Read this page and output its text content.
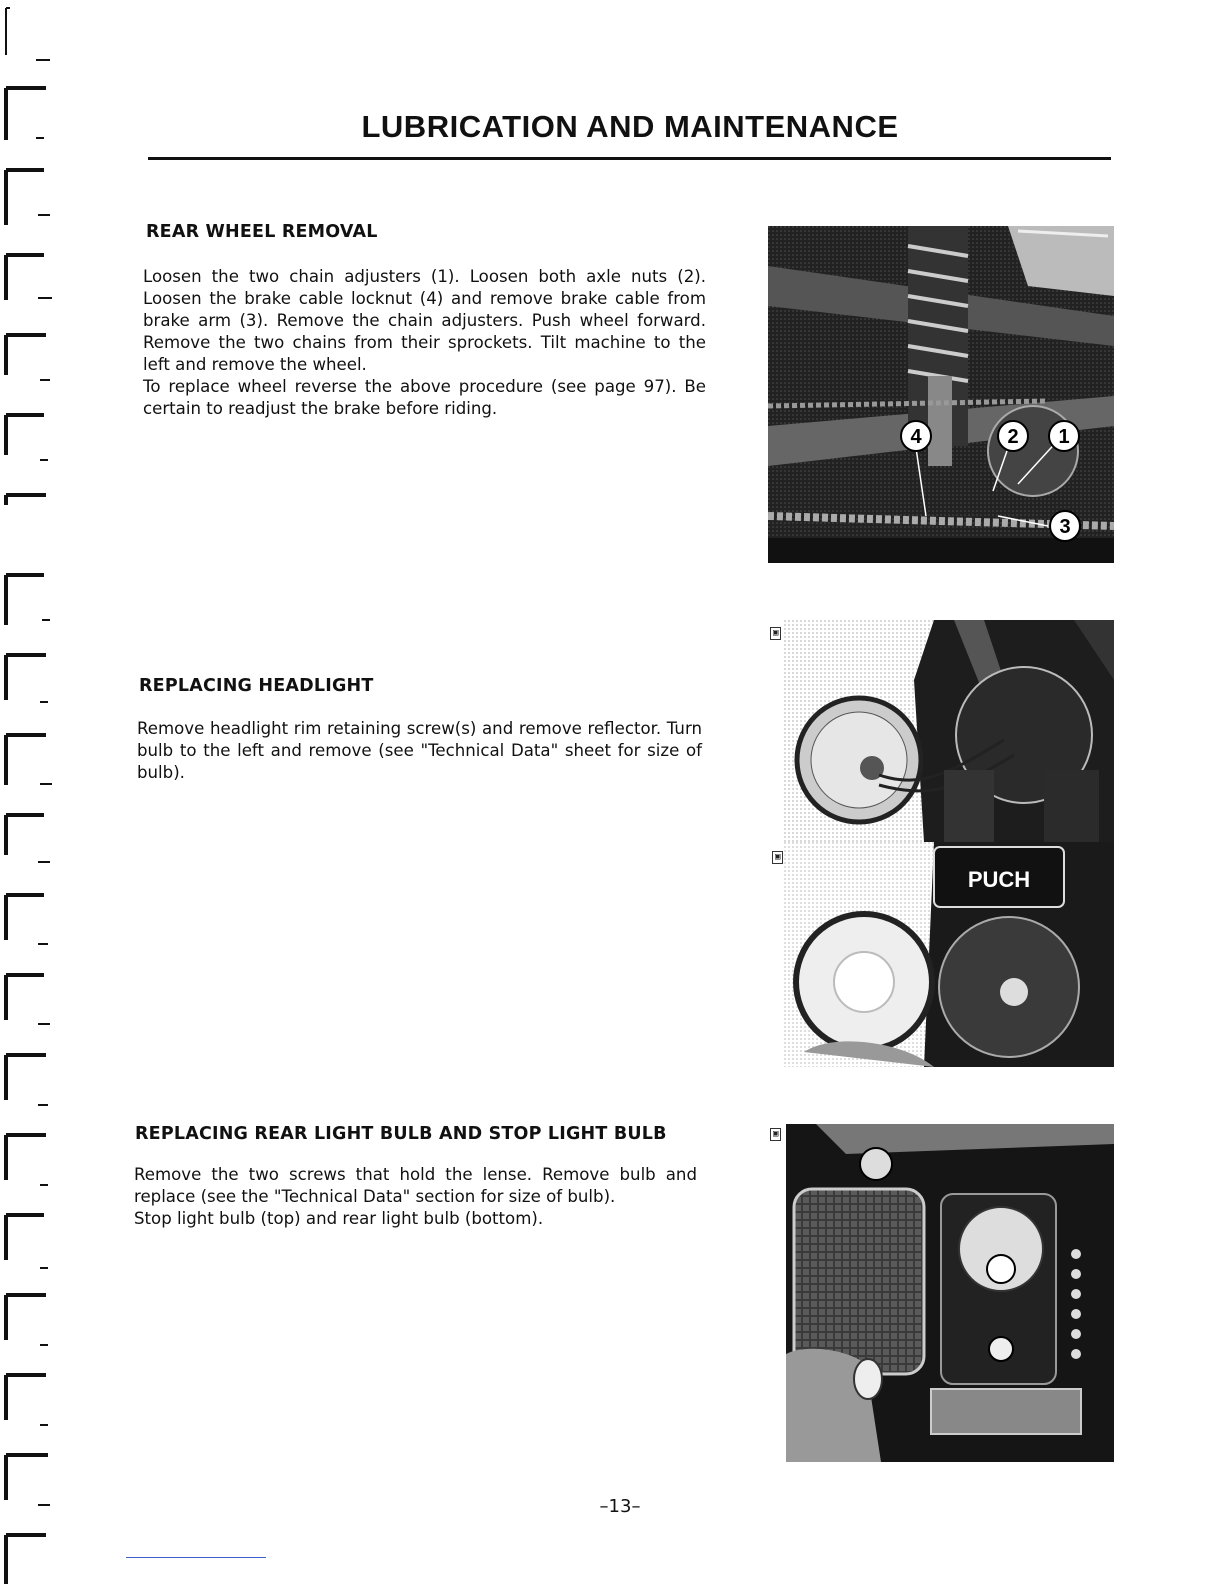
LUBRICATION AND MAINTENANCE
REAR WHEEL REMOVAL

Loosen the two chain adjusters (1). Loosen both axle nuts (2). Loosen the brake cable locknut (4) and remove brake cable from brake arm (3). Remove the chain adjusters. Push wheel forward. Remove the two chains from their sprockets. Tilt machine to the left and remove the wheel.

To replace wheel reverse the above procedure (see page 97). Be certain to readjust the brake before riding.

REPLACING HEADLIGHT

Remove headlight rim retaining screw(s) and remove reflector. Turn bulb to the left and remove (see "Technical Data" sheet for size of bulb).

REPLACING REAR LIGHT BULB AND STOP LIGHT BULB

Remove the two screws that hold the lense. Remove bulb and replace (see the "Technical Data" section for size of bulb).

Stop light bulb (top) and rear light bulb (bottom).

4	2 1
3
▣
PUCH
▣
▣

–13–
